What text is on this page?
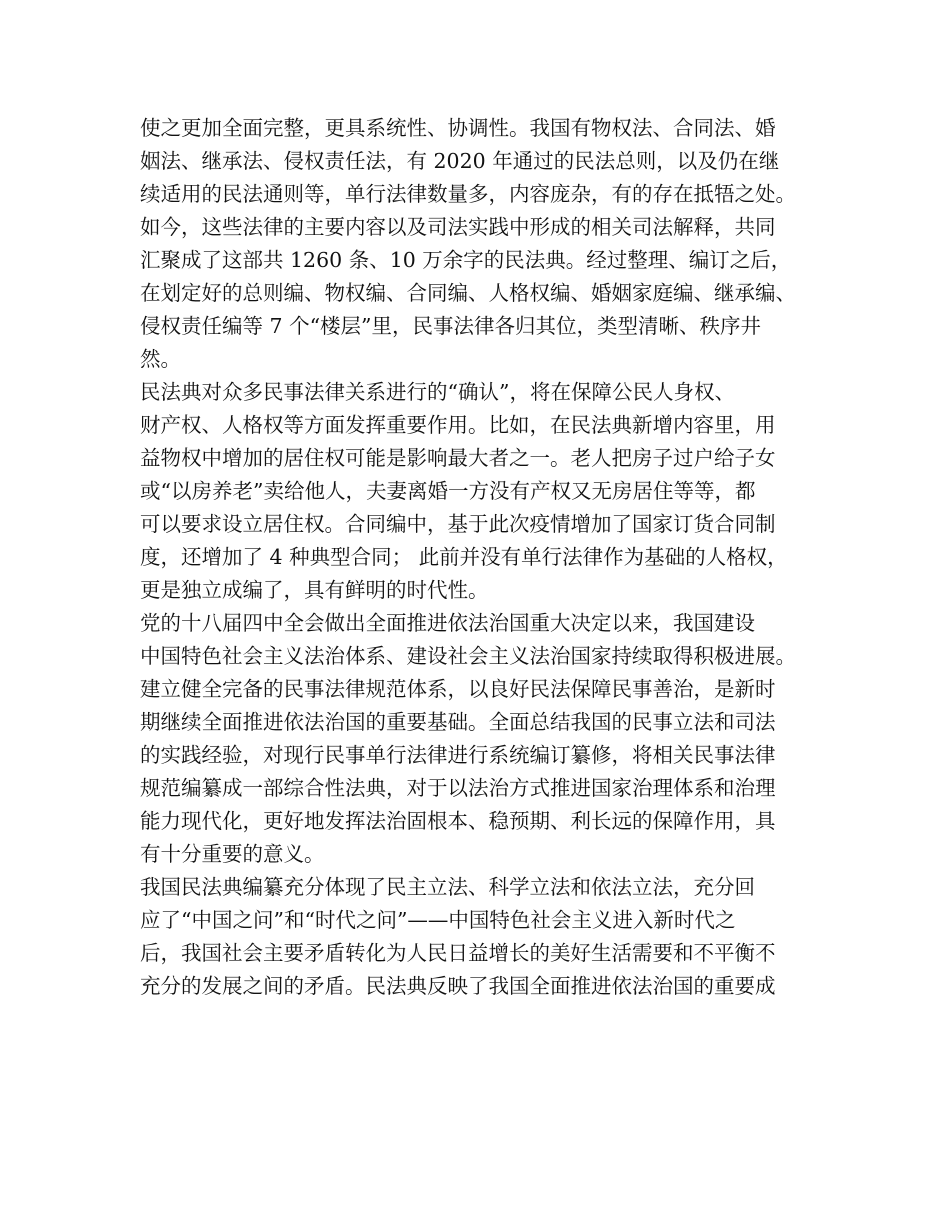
使之更加全面完整，更具系统性、协调性。我国有物权法、合同法、婚
姻法、继承法、侵权责任法，有 2020 年通过的民法总则，以及仍在继
续适用的民法通则等，单行法律数量多，内容庞杂，有的存在抵牾之处。
如今，这些法律的主要内容以及司法实践中形成的相关司法解释，共同
汇聚成了这部共 1260 条、10 万余字的民法典。经过整理、编订之后，
在划定好的总则编、物权编、合同编、人格权编、婚姻家庭编、继承编、
侵权责任编等 7 个“楼层”里，民事法律各归其位，类型清晰、秩序井
然。
民法典对众多民事法律关系进行的“确认”，将在保障公民人身权、
财产权、人格权等方面发挥重要作用。比如，在民法典新增内容里，用
益物权中增加的居住权可能是影响最大者之一。老人把房子过户给子女
或“以房养老”卖给他人，夫妻离婚一方没有产权又无房居住等等，都
可以要求设立居住权。合同编中，基于此次疫情增加了国家订货合同制
度，还增加了 4 种典型合同； 此前并没有单行法律作为基础的人格权，
更是独立成编了，具有鲜明的时代性。
党的十八届四中全会做出全面推进依法治国重大决定以来，我国建设
中国特色社会主义法治体系、建设社会主义法治国家持续取得积极进展。
建立健全完备的民事法律规范体系，以良好民法保障民事善治，是新时
期继续全面推进依法治国的重要基础。全面总结我国的民事立法和司法
的实践经验，对现行民事单行法律进行系统编订纂修，将相关民事法律
规范编纂成一部综合性法典，对于以法治方式推进国家治理体系和治理
能力现代化，更好地发挥法治固根本、稳预期、利长远的保障作用，具
有十分重要的意义。
我国民法典编纂充分体现了民主立法、科学立法和依法立法，充分回
应了“中国之问”和“时代之问”——中国特色社会主义进入新时代之
后，我国社会主要矛盾转化为人民日益增长的美好生活需要和不平衡不
充分的发展之间的矛盾。民法典反映了我国全面推进依法治国的重要成
